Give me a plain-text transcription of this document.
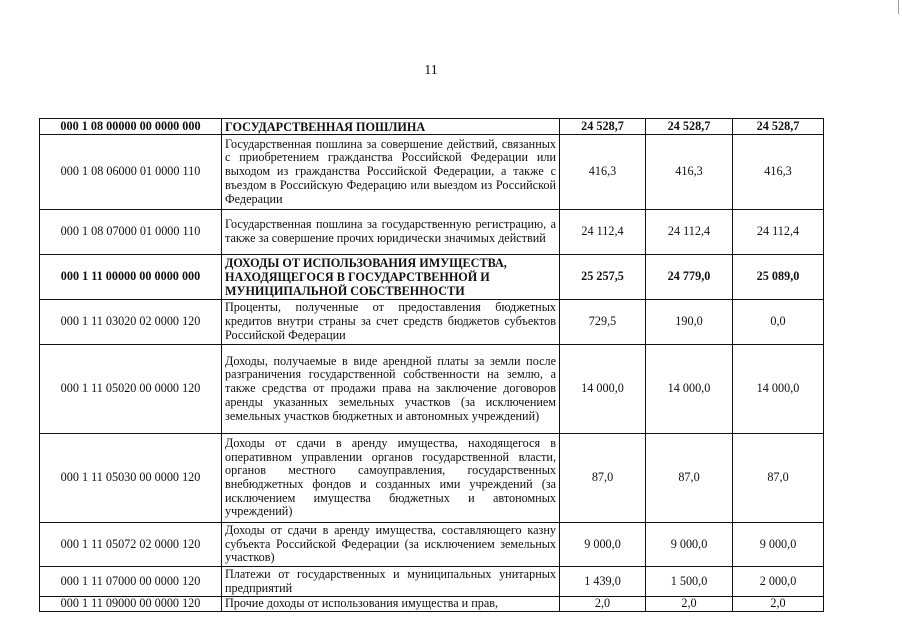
11
000 1 08 00000 00 0000 000	ГОСУДАРСТВЕННАЯ ПОШЛИНА	24 528,7	24 528,7	24 528,7
000 1 08 06000 01 0000 110	Государственная пошлина за совершение действий, связанных с приобретением гражданства Российской Федерации или выходом из гражданства Российской Федерации, а также с въездом в Российскую Федерацию или выездом из Российской Федерации	416,3	416,3	416,3
000 1 08 07000 01 0000 110	Государственная пошлина за государственную регистрацию, а также за совершение прочих юридически значимых действий	24 112,4	24 112,4	24 112,4
000 1 11 00000 00 0000 000	ДОХОДЫ ОТ ИСПОЛЬЗОВАНИЯ ИМУЩЕСТВА, НАХОДЯЩЕГОСЯ В ГОСУДАРСТВЕННОЙ И МУНИЦИПАЛЬНОЙ СОБСТВЕННОСТИ	25 257,5	24 779,0	25 089,0
000 1 11 03020 02 0000 120	Проценты, полученные от предоставления бюджетных кредитов внутри страны за счет средств бюджетов субъектов Российской Федерации	729,5	190,0	0,0
000 1 11 05020 00 0000 120	Доходы, получаемые в виде арендной платы за земли после разграничения государственной собственности на землю, а также средства от продажи права на заключение договоров аренды указанных земельных участков (за исключением земельных участков бюджетных и автономных учреждений)	14 000,0	14 000,0	14 000,0
000 1 11 05030 00 0000 120	Доходы от сдачи в аренду имущества, находящегося в оперативном управлении органов государственной власти, органов местного самоуправления, государственных внебюджетных фондов и созданных ими учреждений (за исключением имущества бюджетных и автономных учреждений)	87,0	87,0	87,0
000 1 11 05072 02 0000 120	Доходы от сдачи в аренду имущества, составляющего казну субъекта Российской Федерации (за исключением земельных участков)	9 000,0	9 000,0	9 000,0
000 1 11 07000 00 0000 120	Платежи от государственных и муниципальных унитарных предприятий	1 439,0	1 500,0	2 000,0
000 1 11 09000 00 0000 120	Прочие доходы от использования имущества и прав,	2,0	2,0	2,0
